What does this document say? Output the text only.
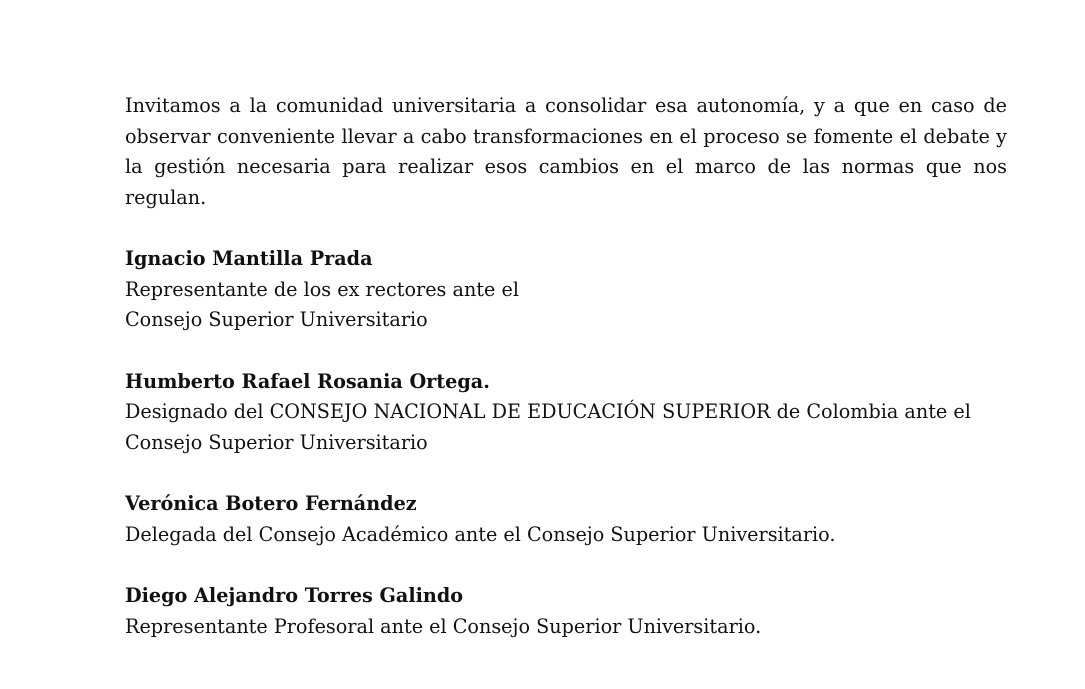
Invitamos a la comunidad universitaria a consolidar esa autonomía, y a que en caso de observar conveniente llevar a cabo transformaciones en el proceso se fomente el debate y la gestión necesaria para realizar esos cambios en el marco de las normas que nos regulan.

Ignacio Mantilla Prada
Representante de los ex rectores ante el
Consejo Superior Universitario
Humberto Rafael Rosania Ortega.
Designado del CONSEJO NACIONAL DE EDUCACIÓN SUPERIOR de Colombia ante el
Consejo Superior Universitario
Verónica Botero Fernández
Delegada del Consejo Académico ante el Consejo Superior Universitario.
Diego Alejandro Torres Galindo
Representante Profesoral ante el Consejo Superior Universitario.
